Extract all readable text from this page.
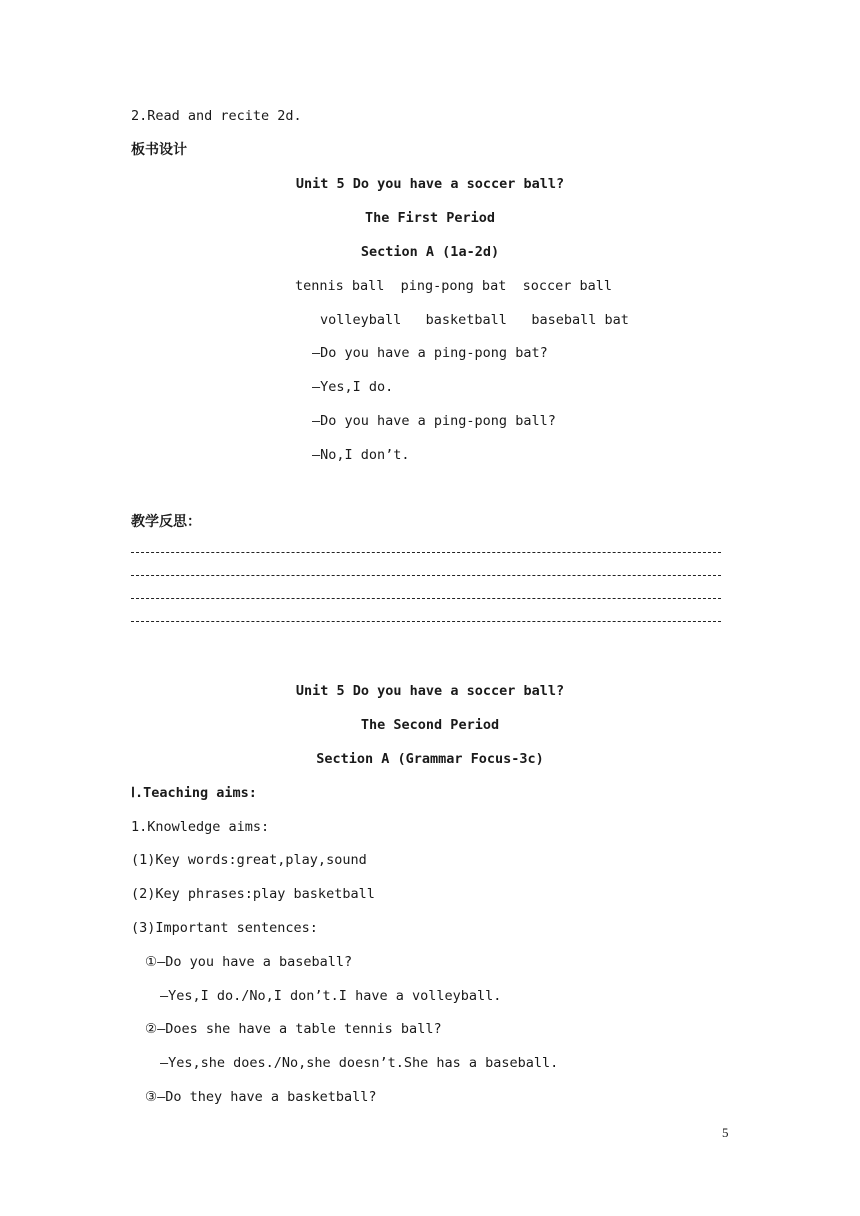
2.Read and recite 2d.
板书设计
Unit 5 Do you have a soccer ball?
The First Period
Section A (1a-2d)
tennis ball  ping-pong bat  soccer ball
volleyball   basketball   baseball bat
—Do you have a ping-pong bat?
—Yes,I do.
—Do you have a ping-pong ball?
—No,I don’t.
教学反思：
Unit 5 Do you have a soccer ball?
The Second Period
Section A (Grammar Focus-3c)
Ⅰ.Teaching aims:
1.Knowledge aims:
(1)Key words:great,play,sound
(2)Key phrases:play basketball
(3)Important sentences:
①—Do you have a baseball?
—Yes,I do./No,I don’t.I have a volleyball.
②—Does she have a table tennis ball?
—Yes,she does./No,she doesn’t.She has a baseball.
③—Do they have a basketball?
5
